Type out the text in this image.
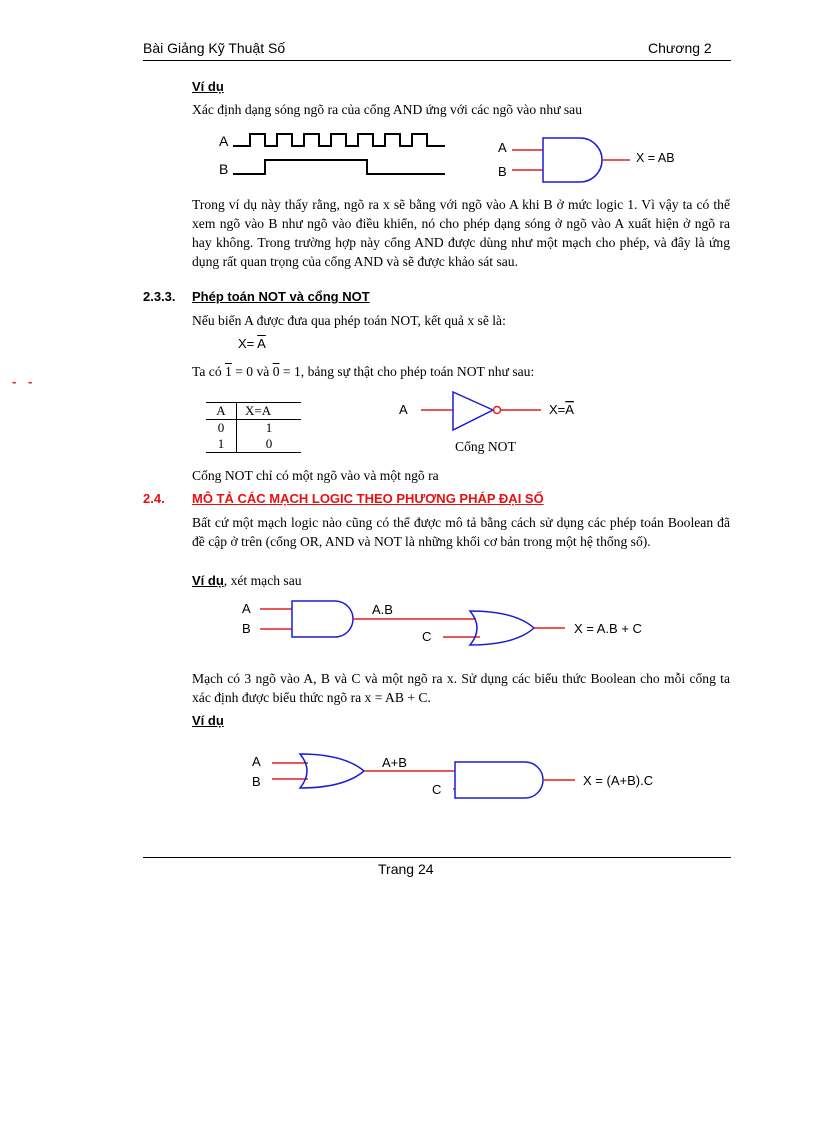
Bài Giảng Kỹ Thuật Số	Chương 2
Ví dụ
Xác định dạng sóng ngõ ra của cổng AND ứng với các ngõ vào như sau
A
B
A
B
X = AB
Trong ví dụ này thấy rằng, ngõ ra x sẽ bằng với ngõ vào A khi B ở mức logic 1. Vì vậy ta có thể xem ngõ vào B như ngõ vào điều khiển, nó cho phép dạng sóng ở ngõ vào A xuất hiện ở ngõ ra hay không. Trong trường hợp này cổng AND được dùng như một mạch cho phép, và đây là ứng dụng rất quan trọng của cổng AND và sẽ được khảo sát sau.
2.3.3. Phép toán NOT và cổng NOT
Nếu biến A được đưa qua phép toán NOT, kết quả x sẽ là:
$X= \overline{A}$
Ta có 1 = 0 và 0 = 1, bảng sự thật cho phép toán NOT như sau:
- -
A	$X=\overline{A}$
0	1
1	0
A	X=A
Cổng NOT
Cổng NOT chỉ có một ngõ vào và một ngõ ra
2.4. MÔ TẢ CÁC MẠCH LOGIC THEO PHƯƠNG PHÁP ĐẠI SỐ
Bất cứ một mạch logic nào cũng có thể được mô tả bằng cách sử dụng các phép toán Boolean đã đề cập ở trên (cổng OR, AND và NOT là những khối cơ bản trong một hệ thống số).
Ví dụ, xét mạch sau
A
B
A.B
C
X = A.B + C
Mạch có 3 ngõ vào A, B và C và một ngõ ra x. Sử dụng các biểu thức Boolean cho mỗi cổng ta xác định được biểu thức ngõ ra x = AB + C.
Ví dụ
A
B
A+B
C
X = (A+B).C
Trang 24
